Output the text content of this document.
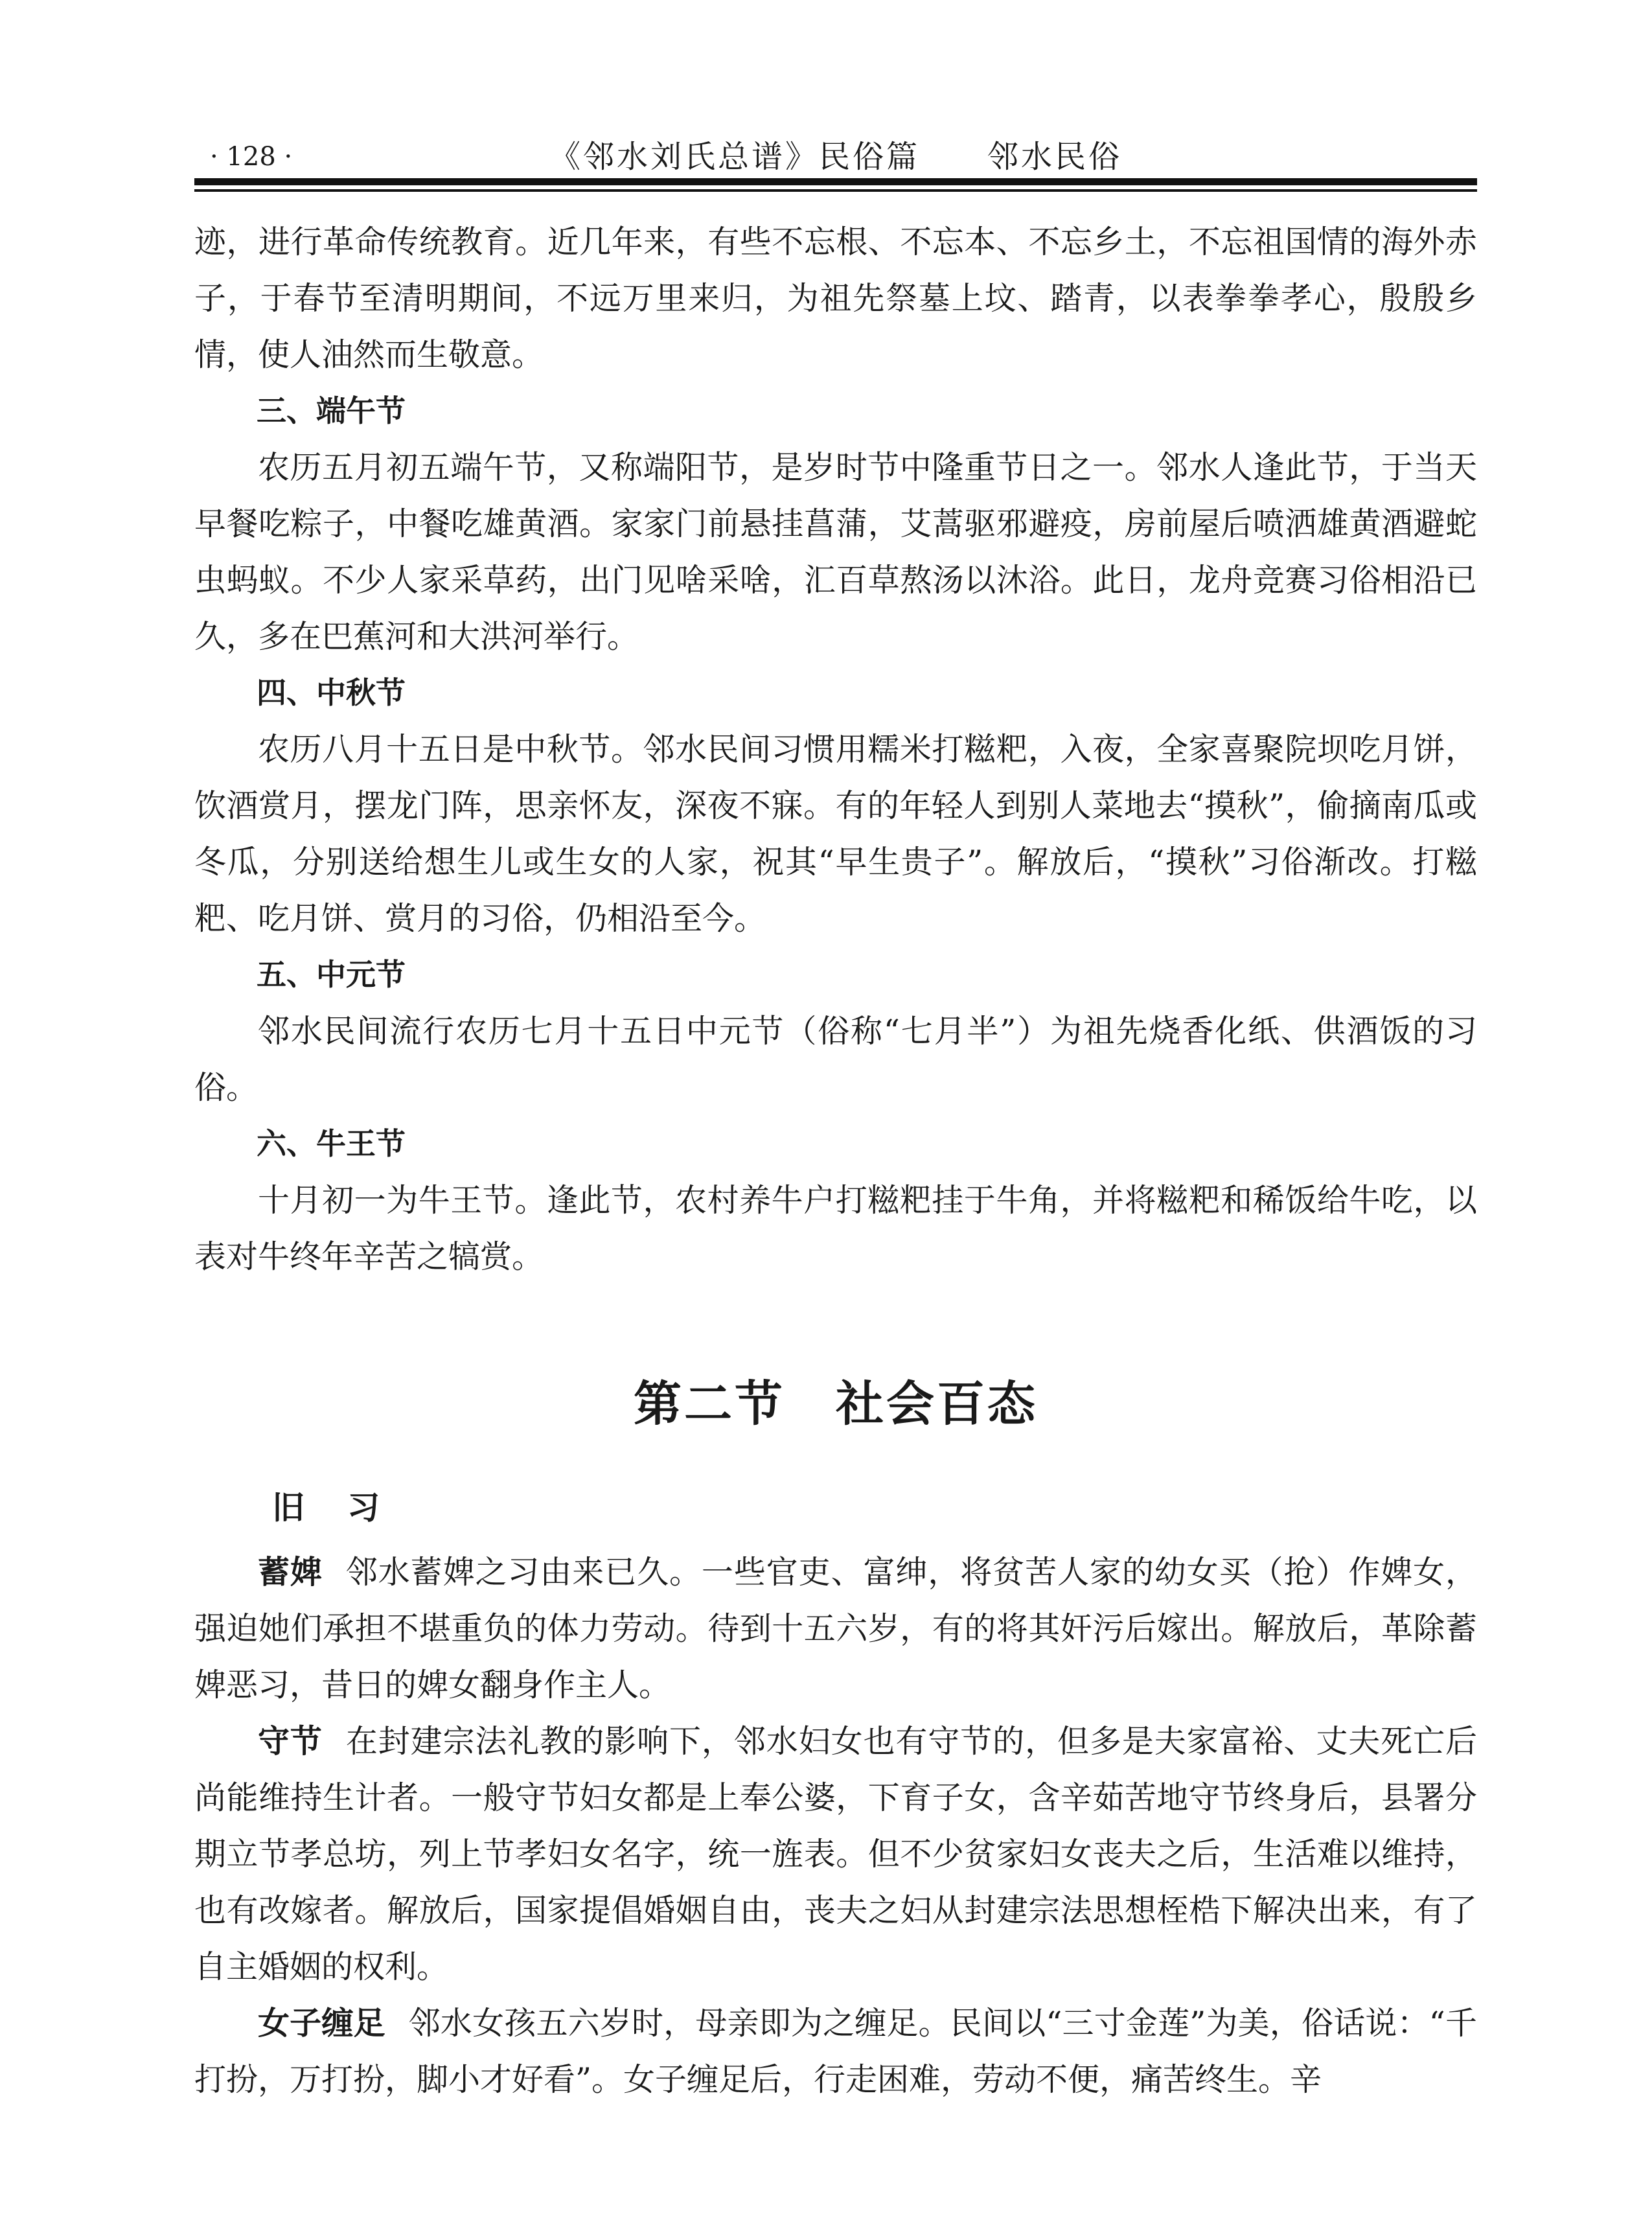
· 128 ·	《邻水刘氏总谱》民俗篇　　邻水民俗

迹，进行革命传统教育。近几年来，有些不忘根、不忘本、不忘乡土，不忘祖国情的海外赤子，于春节至清明期间，不远万里来归，为祖先祭墓上坟、踏青，以表拳拳孝心，殷殷乡情，使人油然而生敬意。

三、端午节

农历五月初五端午节，又称端阳节，是岁时节中隆重节日之一。邻水人逢此节，于当天早餐吃粽子，中餐吃雄黄酒。家家门前悬挂菖蒲，艾蒿驱邪避疫，房前屋后喷洒雄黄酒避蛇虫蚂蚁。不少人家采草药，出门见啥采啥，汇百草熬汤以沐浴。此日，龙舟竞赛习俗相沿已久，多在巴蕉河和大洪河举行。

四、中秋节

农历八月十五日是中秋节。邻水民间习惯用糯米打糍粑，入夜，全家喜聚院坝吃月饼，饮酒赏月，摆龙门阵，思亲怀友，深夜不寐。有的年轻人到别人菜地去“摸秋”，偷摘南瓜或冬瓜，分别送给想生儿或生女的人家，祝其“早生贵子”。解放后，“摸秋”习俗渐改。打糍粑、吃月饼、赏月的习俗，仍相沿至今。

五、中元节

邻水民间流行农历七月十五日中元节（俗称“七月半”）为祖先烧香化纸、供酒饭的习俗。

六、牛王节

十月初一为牛王节。逢此节，农村养牛户打糍粑挂于牛角，并将糍粑和稀饭给牛吃，以表对牛终年辛苦之犒赏。

第二节　社会百态
旧　习

蓄婢 邻水蓄婢之习由来已久。一些官吏、富绅，将贫苦人家的幼女买（抢）作婢女，强迫她们承担不堪重负的体力劳动。待到十五六岁，有的将其奸污后嫁出。解放后，革除蓄婢恶习，昔日的婢女翻身作主人。

守节 在封建宗法礼教的影响下，邻水妇女也有守节的，但多是夫家富裕、丈夫死亡后尚能维持生计者。一般守节妇女都是上奉公婆，下育子女，含辛茹苦地守节终身后，县署分期立节孝总坊，列上节孝妇女名字，统一旌表。但不少贫家妇女丧夫之后，生活难以维持，也有改嫁者。解放后，国家提倡婚姻自由，丧夫之妇从封建宗法思想桎梏下解决出来，有了自主婚姻的权利。

女子缠足 邻水女孩五六岁时，母亲即为之缠足。民间以“三寸金莲”为美，俗话说：“千打扮，万打扮，脚小才好看”。女子缠足后，行走困难，劳动不便，痛苦终生。辛
